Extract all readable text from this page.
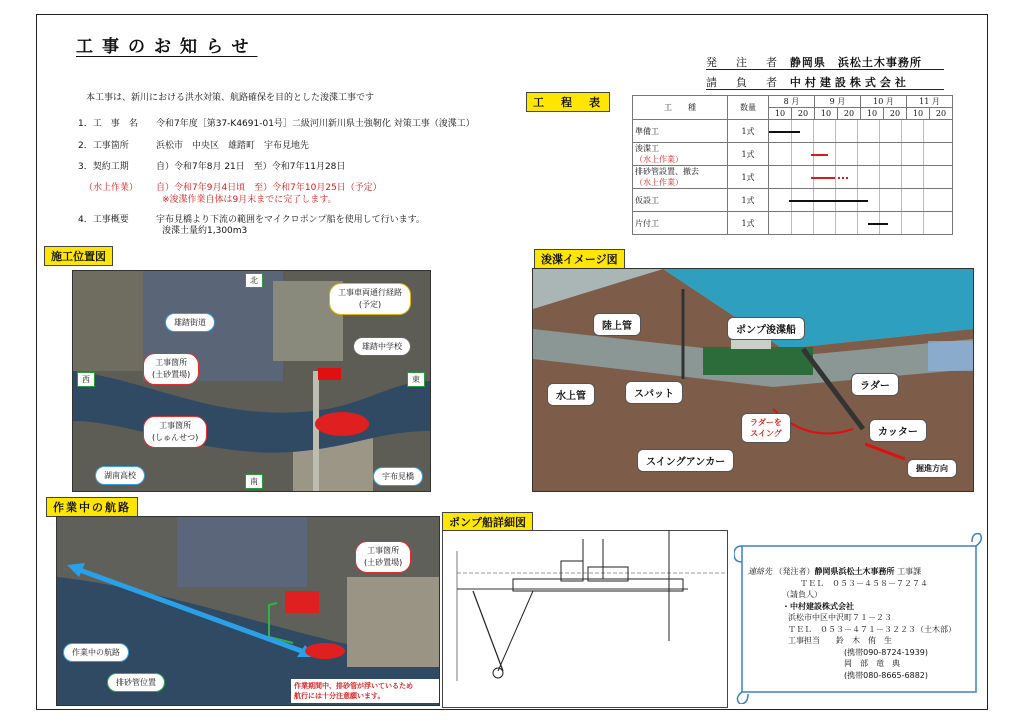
工事のお知らせ
発　注　者 静岡県　浜松土木事務所
請　負　者 中村建設株式会社
本工事は、新川における洪水対策、航路確保を目的とした浚渫工事です
1．工　事　名 令和7年度［第37-K4691-01号］二級河川新川県土強靭化 対策工事（浚渫工）
2．工事箇所	浜松市　中央区　雄踏町　宇布見地先
3．契約工期	自）令和7年8月 21日　至）令和7年11月28日
（水上作業） 自）令和7年9月4日頃　至）令和7年10月25日（予定）
※浚渫作業自体は9月末までに完了します。
4．工事概要	宇布見橋より下流の範囲をマイクロポンプ船を使用して行います。
浚渫土量約1,300m3
工　程　表	工　　種	数量	8 月		9 月		10 月		11 月	
		10	20	10	20	10	20	10	20

準備工	1式								

浚渫工
（水上作業）	1式								

排砂管設置、撤去
（水上作業）	1式								

仮設工	1式								

片付工	1式								
施工位置図
北
西	東
南
雄踏街道
工事車両通行経路
(予定)
雄踏中学校
工事箇所
(土砂置場)
工事箇所
(しゅんせつ)
湖南高校	宇布見橋
浚渫イメージ図
陸上管	ポンプ浚渫船
水上管	スパット
ラダー
ラダーを
スイング	カッター
スイングアンカー
掘進方向
作業中の航路
工事箇所
(土砂置場)
作業中の航路
排砂管位置	作業期間中、排砂管が浮いているため
航行には十分注意願います。
ポンプ船詳細図
連絡先 （発注者）静岡県浜松土木事務所 工事課
ＴＥＬ　０５３－４５８－７２７４
（請負人）
・中村建設株式会社
浜松市中区中沢町７１－２３
ＴＥＬ　０５３－４７１－３２２３（土木部）
工事担当　　 鈴　木　侑　生
(携帯090-8724-1939)
岡　部　竜　典
(携帯080-8665-6882)
